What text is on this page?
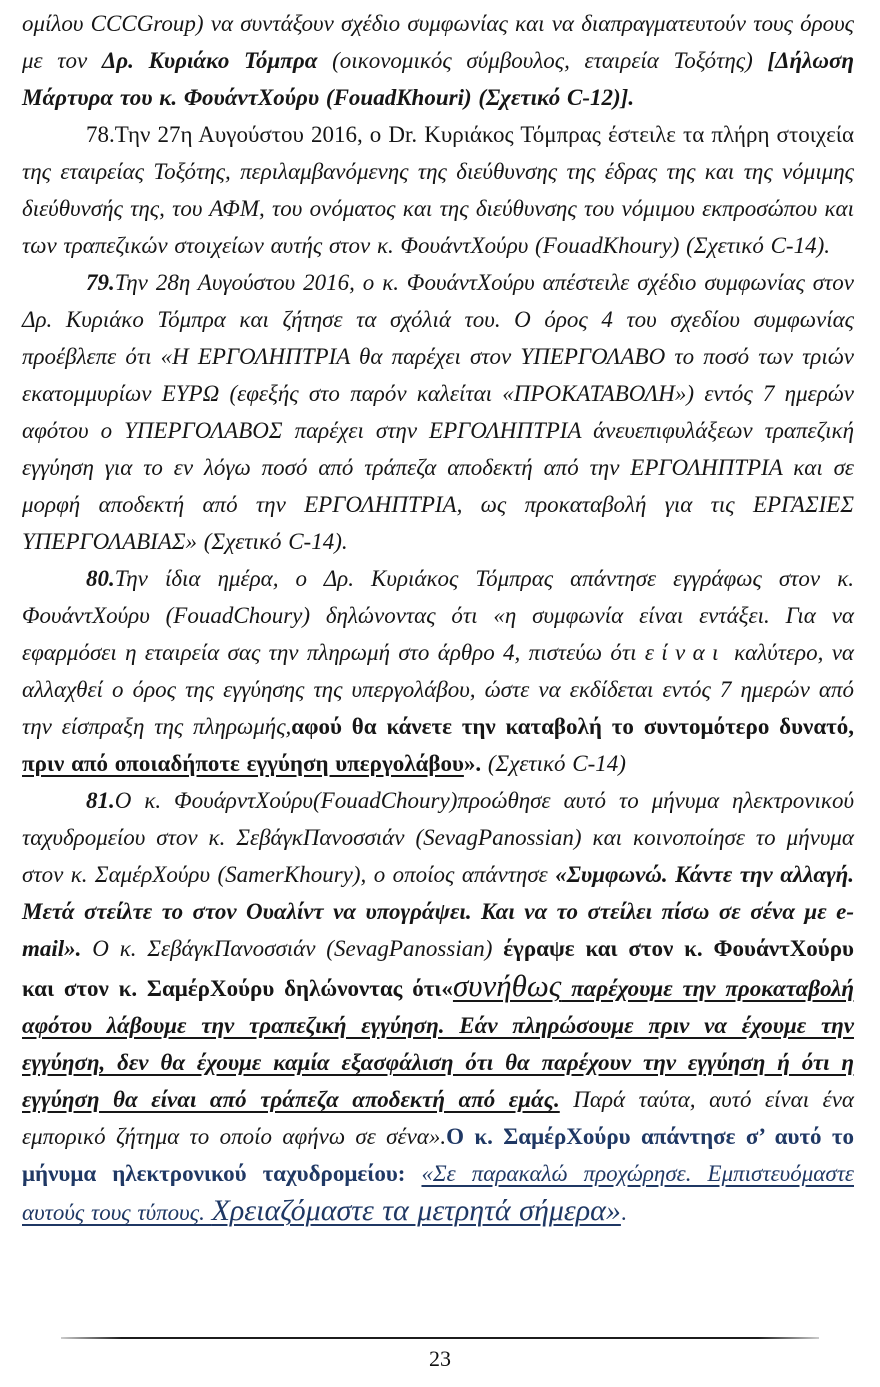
ομίλου CCCGroup) να συντάξουν σχέδιο συμφωνίας και να διαπραγματευτούν τους όρους με τον Δρ. Κυριάκο Τόμπρα (οικονομικός σύμβουλος, εταιρεία Τοξότης) [Δήλωση Μάρτυρα του κ. ΦουάντΧούρυ (FouadKhouri) (Σχετικό C-12)].

78.Την 27η Αυγούστου 2016, ο Dr. Κυριάκος Τόμπρας έστειλε τα πλήρη στοιχεία της εταιρείας Τοξότης, περιλαμβανόμενης της διεύθυνσης της έδρας της και της νόμιμης διεύθυνσής της, του ΑΦΜ, του ονόματος και της διεύθυνσης του νόμιμου εκπροσώπου και των τραπεζικών στοιχείων αυτής στον κ. ΦουάντΧούρυ (FouadKhoury) (Σχετικό C-14).

79.Την 28η Αυγούστου 2016, ο κ. ΦουάντΧούρυ απέστειλε σχέδιο συμφωνίας στον Δρ. Κυριάκο Τόμπρα και ζήτησε τα σχόλιά του. Ο όρος 4 του σχεδίου συμφωνίας προέβλεπε ότι «Η ΕΡΓΟΛΗΠΤΡΙΑ θα παρέχει στον ΥΠΕΡΓΟΛΑΒΟ το ποσό των τριών εκατομμυρίων ΕΥΡΩ (εφεξής στο παρόν καλείται «ΠΡΟΚΑΤΑΒΟΛΗ») εντός 7 ημερών αφότου ο ΥΠΕΡΓΟΛΑΒΟΣ παρέχει στην ΕΡΓΟΛΗΠΤΡΙΑ άνευεπιφυλάξεων τραπεζική εγγύηση για το εν λόγω ποσό από τράπεζα αποδεκτή από την ΕΡΓΟΛΗΠΤΡΙΑ και σε μορφή αποδεκτή από την ΕΡΓΟΛΗΠΤΡΙΑ, ως προκαταβολή για τις ΕΡΓΑΣΙΕΣ ΥΠΕΡΓΟΛΑΒΙΑΣ» (Σχετικό C-14).

80.Την ίδια ημέρα, ο Δρ. Κυριάκος Τόμπρας απάντησε εγγράφως στον κ. ΦουάντΧούρυ (FouadChoury) δηλώνοντας ότι «η συμφωνία είναι εντάξει. Για να εφαρμόσει η εταιρεία σας την πληρωμή στο άρθρο 4, πιστεύω ότι είναι καλύτερο, να αλλαχθεί ο όρος της εγγύησης της υπεργολάβου, ώστε να εκδίδεται εντός 7 ημερών από την είσπραξη της πληρωμής,αφού θα κάνετε την καταβολή το συντομότερο δυνατό, πριν από οποιαδήποτε εγγύηση υπεργολάβου». (Σχετικό C-14)

81.Ο κ. ΦουάρντΧούρυ(FouadChoury)προώθησε αυτό το μήνυμα ηλεκτρονικού ταχυδρομείου στον κ. ΣεβάγκΠανοσσιάν (SevagPanossian) και κοινοποίησε το μήνυμα στον κ. ΣαμέρΧούρυ (SamerKhoury), ο οποίος απάντησε «Συμφωνώ. Κάντε την αλλαγή. Μετά στείλτε το στον Ουαλίντ να υπογράψει. Και να το στείλει πίσω σε σένα με e-mail». Ο κ. ΣεβάγκΠανοσσιάν (SevagPanossian) έγραψε και στον κ. ΦουάντΧούρυ και στον κ. ΣαμέρΧούρυ δηλώνοντας ότι«συνήθως παρέχουμε την προκαταβολή αφότου λάβουμε την τραπεζική εγγύηση. Εάν πληρώσουμε πριν να έχουμε την εγγύηση, δεν θα έχουμε καμία εξασφάλιση ότι θα παρέχουν την εγγύηση ή ότι η εγγύηση θα είναι από τράπεζα αποδεκτή από εμάς. Παρά ταύτα, αυτό είναι ένα εμπορικό ζήτημα το οποίο αφήνω σε σένα».Ο κ. ΣαμέρΧούρυ απάντησε σ’ αυτό το μήνυμα ηλεκτρονικού ταχυδρομείου: «Σε παρακαλώ προχώρησε. Εμπιστευόμαστε αυτούς τους τύπους. Χρειαζόμαστε τα μετρητά σήμερα».

23
